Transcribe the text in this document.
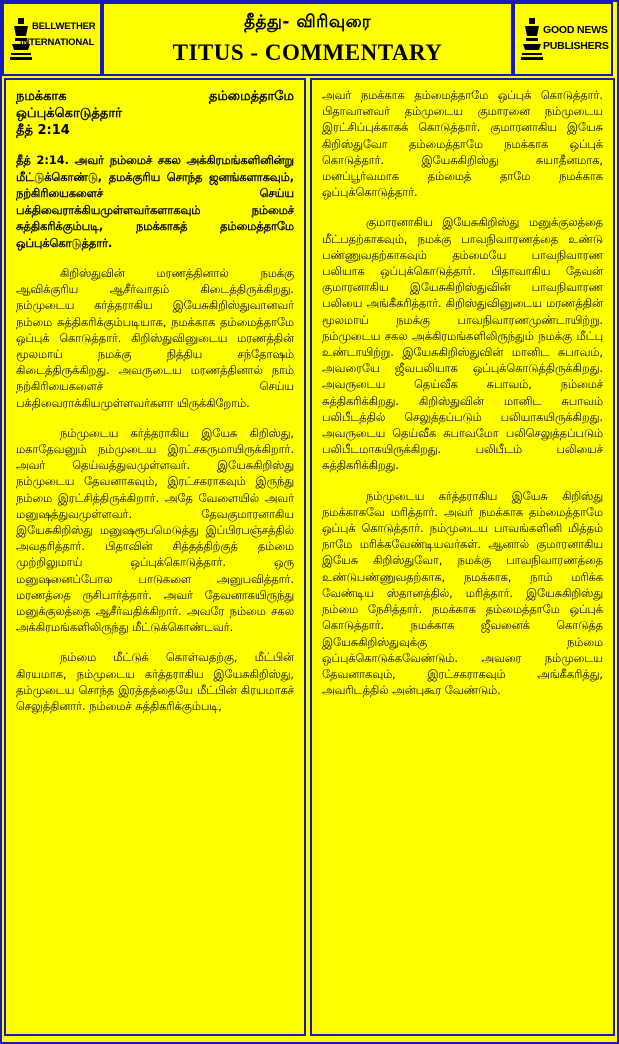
BELLWETHER
INTERNATIONAL
தீத்து- விரிவுரை
TITUS - COMMENTARY
GOOD NEWS
PUBLISHERS
நமக்காக தம்மைத்தாமே
ஒப்புக்கொடுத்தார்
தீத் 2:14

தீத் 2:14. அவர் நம்மைச் சகல அக்கிரமங்களினின்று மீட்டுக்கொண்டு, தமக்குரிய சொந்த ஜனங்களாகவும், நற்கிரியைகளைச் செய்ய பக்திவைராக்கியமுள்ளவர்களாகவும் நம்மைச் சுத்திகரிக்கும்படி, நமக்காகத் தம்மைத்தாமே ஒப்புக்கொடுத்தார்.

கிறிஸ்துவின் மரணத்தினால் நமக்கு ஆவிக்குரிய ஆசீர்வாதம் கிடைத்திருக்கிறது. நம்முடைய கர்த்தராகிய இயேசுகிறிஸ்துவானவர் நம்மை சுத்திகரிக்கும்படியாக, நமக்காக தம்மைத்தாமே ஒப்புக் கொடுத்தார். கிறிஸ்துவினுடைய மரணத்தின் மூலமாய் நமக்கு நித்திய சந்தோஷம் கிடைத்திருக்கிறது. அவருடைய மரணத்தினால் நாம் நற்கிரியைகளைச் செய்ய பக்திவைராக்கியமுள்ளவர்களா யிருக்கிறோம்.

நம்முடைய கர்த்தராகிய இயேசு கிறிஸ்து, மகாதேவனும் நம்முடைய இரட்சகருமாயிருக்கிறார். அவர் தெய்வத்துவமுள்ளவர். இயேசுகிறிஸ்து நம்முடைய தேவனாகவும், இரட்சகராகவும் இருந்து நம்மை இரட்சித்திருக்கிறார். அதே வேளையில் அவர் மனுஷத்துவமுள்ளவர். தேவகுமாரனாகிய இயேசுகிறிஸ்து மனுஷரூபமெடுத்து இப்பிரபஞ்சத்தில் அவதரித்தார். பிதாவின் சித்தத்திற்குத் தம்மை முற்றிலுமாய் ஒப்புக்கொடுத்தார். ஒரு மனுஷனைப்போல பாடுகளை அனுபவித்தார். மரணத்தை ருசிபார்த்தார். அவர் தேவனாகயிருந்து மனுக்குலத்தை ஆசீர்வதிக்கிறார். அவரே நம்மை சகல அக்கிரமங்களிலிருந்து மீட்டுக்கொண்டவர்.

நம்மை மீட்டுக் கொள்வதற்கு, மீட்பின் கிரயமாக, நம்முடைய கர்த்தராகிய இயேசுகிறிஸ்து, தம்முடைய சொந்த இரத்தத்தையே மீட்பின் கிரயமாகச் செலுத்தினார். நம்மைச் சுத்திகரிக்கும்படி,

அவர் நமக்காக தம்மைத்தாமே ஒப்புக் கொடுத்தார். பிதாவானவர் தம்முடைய குமாரனை நம்முடைய இரட்சிப்புக்காகக் கொடுத்தார். குமாரனாகிய இயேசு கிறிஸ்துவோ தம்மைத்தாமே நமக்காக ஒப்புக் கொடுத்தார். இயேசுகிறிஸ்து சுயாதீனமாக, மனப்பூர்வமாக தம்மைத் தாமே நமக்காக ஒப்புக்கொடுத்தார்.

குமாரனாகிய இயேசுகிறிஸ்து மனுக்குலத்தை மீட்பதற்காகவும், நமக்கு பாவநிவாரணத்தை உண்டு பண்ணுவதற்காகவும் தம்மையே பாவநிவாரண பலியாக ஒப்புக்கொடுத்தார். பிதாவாகிய தேவன் குமாரனாகிய இயேசுகிறிஸ்துவின் பாவநிவாரண பலியை அங்கீகரித்தார். கிறிஸ்துவினுடைய மரணத்தின் மூலமாய் நமக்கு பாவநிவாரணமுண்டாயிற்று. நம்முடைய சகல அக்கிரமங்களிலிருந்தும் நமக்கு மீட்பு உண்டாயிற்று. இயேசுகிறிஸ்துவின் மானிட சுபாவம், அவரையே ஜீவபலியாக ஒப்புக்கொடுத்திருக்கிறது. அவருடைய தெய்வீக சுபாவம், நம்மைச் சுத்திகரிக்கிறது. கிறிஸ்துவின் மானிட சுபாவம் பலிபீடத்தில் செலுத்தப்படும் பலியாகயிருக்கிறது. அவருடைய தெய்வீக சுபாவமோ பலிசெலுத்தப்படும் பலிபீடமாகயிருக்கிறது. பலிபீடம் பலியைச் சுத்திகரிக்கிறது.

நம்முடைய கர்த்தராகிய இயேசு கிறிஸ்து நமக்காகவே மரித்தார். அவர் நமக்காக தம்மைத்தாமே ஒப்புக் கொடுத்தார். நம்முடைய பாவங்களினி மித்தம் நாமே மரிக்கவேண்டியவர்கள். ஆனால் குமாரனாகிய இயேசு கிறிஸ்துவோ, நமக்கு பாவநிவாரணத்தை உண்டுபண்ணுவதற்காக, நமக்காக, நாம் மரிக்க வேண்டிய ஸ்தானத்தில், மரித்தார். இயேசுகிறிஸ்து நம்மை நேசித்தார். நமக்காக தம்மைத்தாமே ஒப்புக் கொடுத்தார். நமக்காக ஜீவனைக் கொடுத்த இயேசுகிறிஸ்துவுக்கு நம்மை ஒப்புக்கொடுக்கவேண்டும். அவரை நம்முடைய தேவனாகவும், இரட்சகராகவும் அங்கீகரித்து, அவரிடத்தில் அன்புகூர வேண்டும்.
